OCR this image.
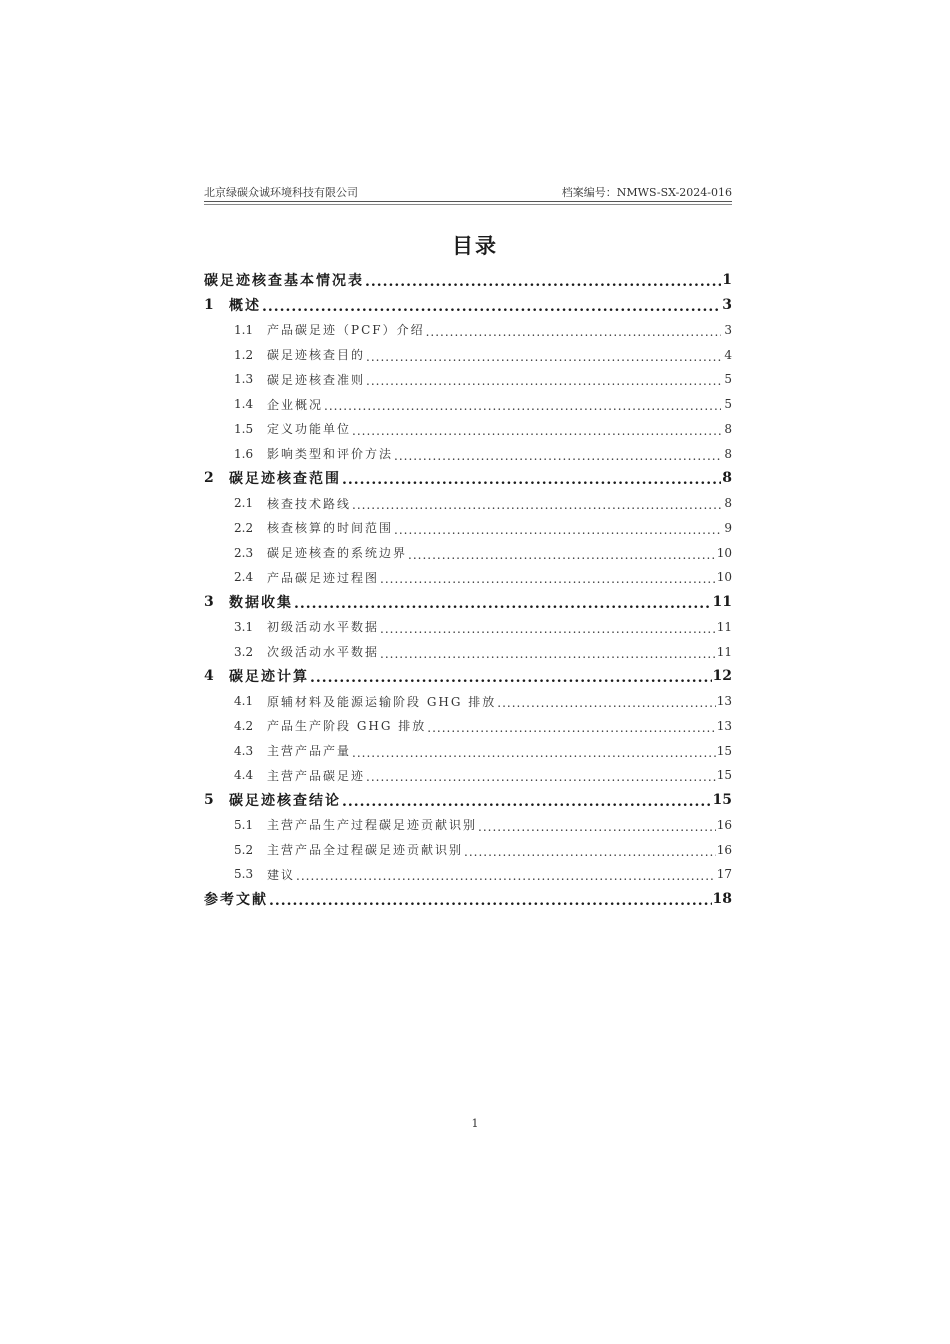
北京绿碳众诚环境科技有限公司	档案编号：NMWS-SX-2024-016
目录
碳足迹核查基本情况表 .....	1
1	概述 .....	3
1.1	产品碳足迹（PCF）介绍 .....	3
1.2	碳足迹核查目的 .....	4
1.3	碳足迹核查准则 .....	5
1.4	企业概况 .....	5
1.5	定义功能单位 .....	8
1.6	影响类型和评价方法 .....	8
2	碳足迹核查范围 .....	8
2.1	核查技术路线 .....	8
2.2	核查核算的时间范围 .....	9
2.3	碳足迹核查的系统边界 .....	10
2.4	产品碳足迹过程图 .....	10
3	数据收集 .....	11
3.1	初级活动水平数据 .....	11
3.2	次级活动水平数据 .....	11
4	碳足迹计算 .....	12
4.1	原辅材料及能源运输阶段 GHG 排放 .....	13
4.2	产品生产阶段 GHG 排放 .....	13
4.3	主营产品产量 .....	15
4.4	主营产品碳足迹 .....	15
5	碳足迹核查结论 .....	15
5.1	主营产品生产过程碳足迹贡献识别 .....	16
5.2	主营产品全过程碳足迹贡献识别 .....	16
5.3	建议 .....	17
参考文献 .....	18
1
